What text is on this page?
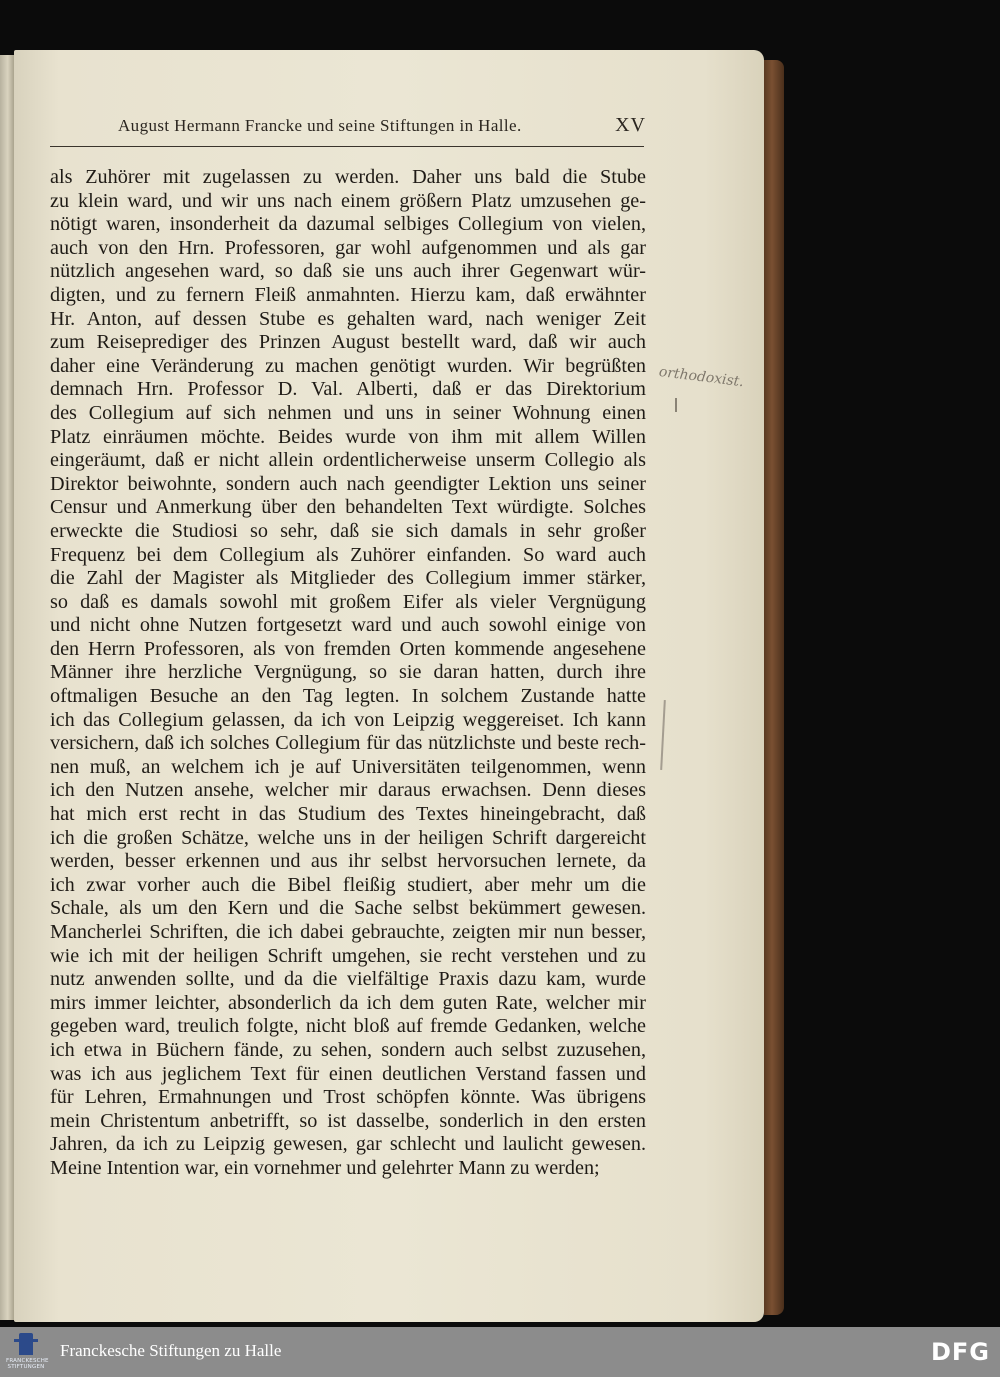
August Hermann Francke und seine Stiftungen in Halle.	XV
als Zuhörer mit zugelassen zu werden. Daher uns bald die Stube
zu klein ward, und wir uns nach einem größern Platz umzusehen ge-
nötigt waren, insonderheit da dazumal selbiges Collegium von vielen,
auch von den Hrn. Professoren, gar wohl aufgenommen und als gar
nützlich angesehen ward, so daß sie uns auch ihrer Gegenwart wür-
digten, und zu fernern Fleiß anmahnten. Hierzu kam, daß erwähnter
Hr. Anton, auf dessen Stube es gehalten ward, nach weniger Zeit
zum Reiseprediger des Prinzen August bestellt ward, daß wir auch
daher eine Veränderung zu machen genötigt wurden. Wir begrüßten
demnach Hrn. Professor D. Val. Alberti, daß er das Direktorium
des Collegium auf sich nehmen und uns in seiner Wohnung einen
Platz einräumen möchte. Beides wurde von ihm mit allem Willen
eingeräumt, daß er nicht allein ordentlicherweise unserm Collegio als
Direktor beiwohnte, sondern auch nach geendigter Lektion uns seiner
Censur und Anmerkung über den behandelten Text würdigte. Solches
erweckte die Studiosi so sehr, daß sie sich damals in sehr großer
Frequenz bei dem Collegium als Zuhörer einfanden. So ward auch
die Zahl der Magister als Mitglieder des Collegium immer stärker,
so daß es damals sowohl mit großem Eifer als vieler Vergnügung
und nicht ohne Nutzen fortgesetzt ward und auch sowohl einige von
den Herrn Professoren, als von fremden Orten kommende angesehene
Männer ihre herzliche Vergnügung, so sie daran hatten, durch ihre
oftmaligen Besuche an den Tag legten. In solchem Zustande hatte
ich das Collegium gelassen, da ich von Leipzig weggereiset. Ich kann
versichern, daß ich solches Collegium für das nützlichste und beste rech-
nen muß, an welchem ich je auf Universitäten teilgenommen, wenn
ich den Nutzen ansehe, welcher mir daraus erwachsen. Denn dieses
hat mich erst recht in das Studium des Textes hineingebracht, daß
ich die großen Schätze, welche uns in der heiligen Schrift dargereicht
werden, besser erkennen und aus ihr selbst hervorsuchen lernete, da
ich zwar vorher auch die Bibel fleißig studiert, aber mehr um die
Schale, als um den Kern und die Sache selbst bekümmert gewesen.
Mancherlei Schriften, die ich dabei gebrauchte, zeigten mir nun besser,
wie ich mit der heiligen Schrift umgehen, sie recht verstehen und zu
nutz anwenden sollte, und da die vielfältige Praxis dazu kam, wurde
mirs immer leichter, absonderlich da ich dem guten Rate, welcher mir
gegeben ward, treulich folgte, nicht bloß auf fremde Gedanken, welche
ich etwa in Büchern fände, zu sehen, sondern auch selbst zuzusehen,
was ich aus jeglichem Text für einen deutlichen Verstand fassen und
für Lehren, Ermahnungen und Trost schöpfen könnte. Was übrigens
mein Christentum anbetrifft, so ist dasselbe, sonderlich in den ersten
Jahren, da ich zu Leipzig gewesen, gar schlecht und laulicht gewesen.
Meine Intention war, ein vornehmer und gelehrter Mann zu werden;
orthodoxist.
FRANCKESCHE STIFTUNGEN
Franckesche Stiftungen zu Halle	DFG
